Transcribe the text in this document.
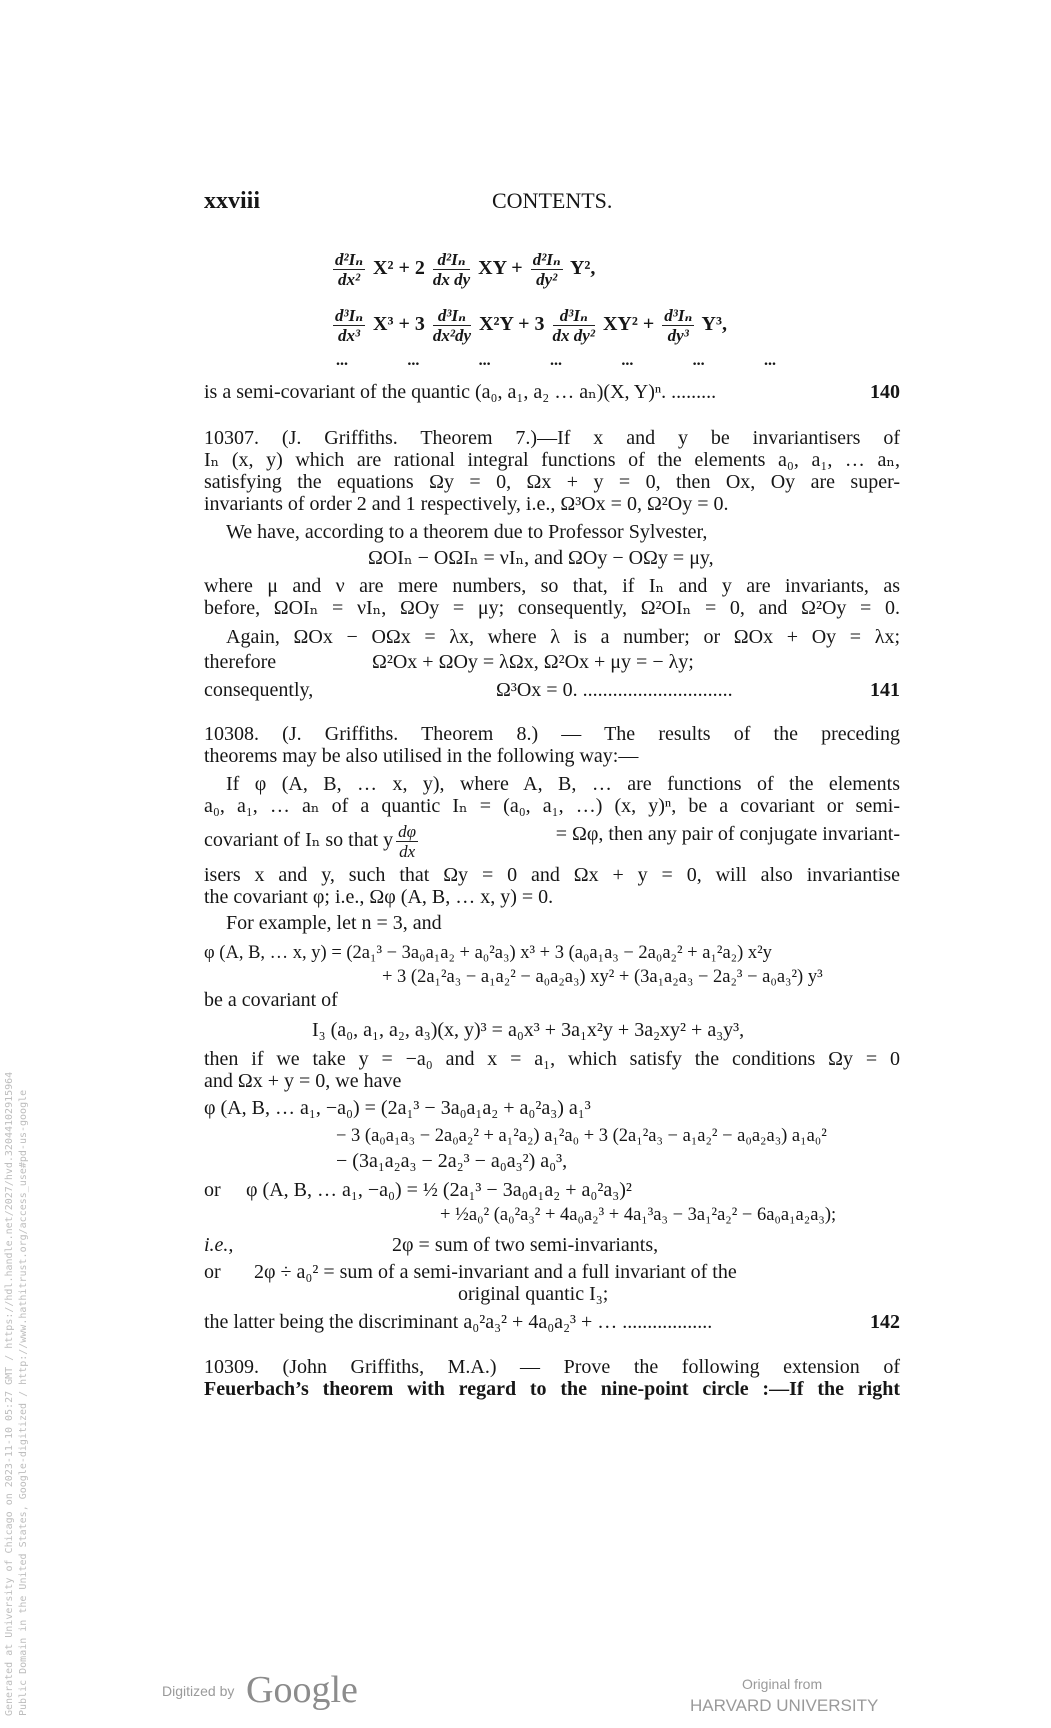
xxviii	CONTENTS.
$\frac{\text{d²Iₙ}}{\text{dx²}} X^2 + 2 \frac{\text{d²Iₙ}}{\text{dx dy}}$ XY + $\frac{\text{d²Iₙ}}{\text{dy²}} Y^2$,
$\frac{\text{d³Iₙ}}{\text{dx³}} X^3 + 3 \frac{\text{d³Iₙ}}{\text{dx²dy}} X^2Y + 3 \frac{\text{d³Iₙ}}{\text{dx dy²}} XY^2 + \frac{\text{d³Iₙ}}{\text{dy³}} Y^3$,
...	...	...	...	...	...	...
is a semi-covariant of the quantic (a₀, a₁, a₂ … aₙ)(X, Y)ⁿ. .........	140
10307. (J. Griffiths. Theorem 7.)—If x and y be invariantisers of
Iₙ (x, y) which are rational integral functions of the elements a₀, a₁, … aₙ,
satisfying the equations Ωy = 0, Ωx + y = 0, then Ox, Oy are super-
invariants of order 2 and 1 respectively, i.e., Ω³Ox = 0, Ω²Oy = 0.
We have, according to a theorem due to Professor Sylvester,
ΩOIₙ − OΩIₙ = νIₙ, and ΩOy − OΩy = μy,
where μ and ν are mere numbers, so that, if Iₙ and y are invariants, as
before, ΩOIₙ = νIₙ, ΩOy = μy; consequently, Ω²OIₙ = 0, and Ω²Oy = 0.
Again, ΩOx − OΩx = λx, where λ is a number; or ΩOx + Oy = λx;
therefore	Ω²Ox + ΩOy = λΩx, Ω²Ox + μy = − λy;
consequently,	Ω³Ox = 0. ..............................	141
10308. (J. Griffiths. Theorem 8.) — The results of the preceding
theorems may be also utilised in the following way:—
If φ (A, B, … x, y), where A, B, … are functions of the elements
a₀, a₁, … aₙ of a quantic Iₙ = (a₀, a₁, …) (x, y)ⁿ, be a covariant or semi-
covariant of Iₙ so that y $\frac{d\varphi}{dx}$	= Ωφ, then any pair of conjugate invariant-
isers x and y, such that Ωy = 0 and Ωx + y = 0, will also invariantise
the covariant φ; i.e., Ωφ (A, B, … x, y) = 0.
For example, let n = 3, and
φ (A, B, … x, y) = (2a₁³ − 3a₀a₁a₂ + a₀²a₃) x³ + 3 (a₀a₁a₃ − 2a₀a₂² + a₁²a₂) x²y
+ 3 (2a₁²a₃ − a₁a₂² − a₀a₂a₃) xy² + (3a₁a₂a₃ − 2a₂³ − a₀a₃²) y³
be a covariant of
I₃ (a₀, a₁, a₂, a₃)(x, y)³ = a₀x³ + 3a₁x²y + 3a₂xy² + a₃y³,
then if we take y = −a₀ and x = a₁, which satisfy the conditions Ωy = 0
and Ωx + y = 0, we have
φ (A, B, … a₁, −a₀) = (2a₁³ − 3a₀a₁a₂ + a₀²a₃) a₁³
− 3 (a₀a₁a₃ − 2a₀a₂² + a₁²a₂) a₁²a₀ + 3 (2a₁²a₃ − a₁a₂² − a₀a₂a₃) a₁a₀²
− (3a₁a₂a₃ − 2a₂³ − a₀a₃²) a₀³,
or	φ (A, B, … a₁, −a₀) = ½ (2a₁³ − 3a₀a₁a₂ + a₀²a₃)²
+ ½a₀² (a₀²a₃² + 4a₀a₂³ + 4a₁³a₃ − 3a₁²a₂² − 6a₀a₁a₂a₃);
i.e.,	2φ = sum of two semi-invariants,
or	2φ ÷ a₀² = sum of a semi-invariant and a full invariant of the
original quantic I₃;
the latter being the discriminant a₀²a₃² + 4a₀a₂³ + … ..................	142
10309. (John Griffiths, M.A.) — Prove the following extension of
Feuerbach’s theorem with regard to the nine-point circle :—If the right
Generated at University of Chicago on 2023-11-10 05:27 GMT / https://hdl.handle.net/2027/hvd.32044102915964 Public Domain in the United States, Google-digitized / http://www.hathitrust.org/access_use#pd-us-google	Digitized by Google	Original from
HARVARD UNIVERSITY
